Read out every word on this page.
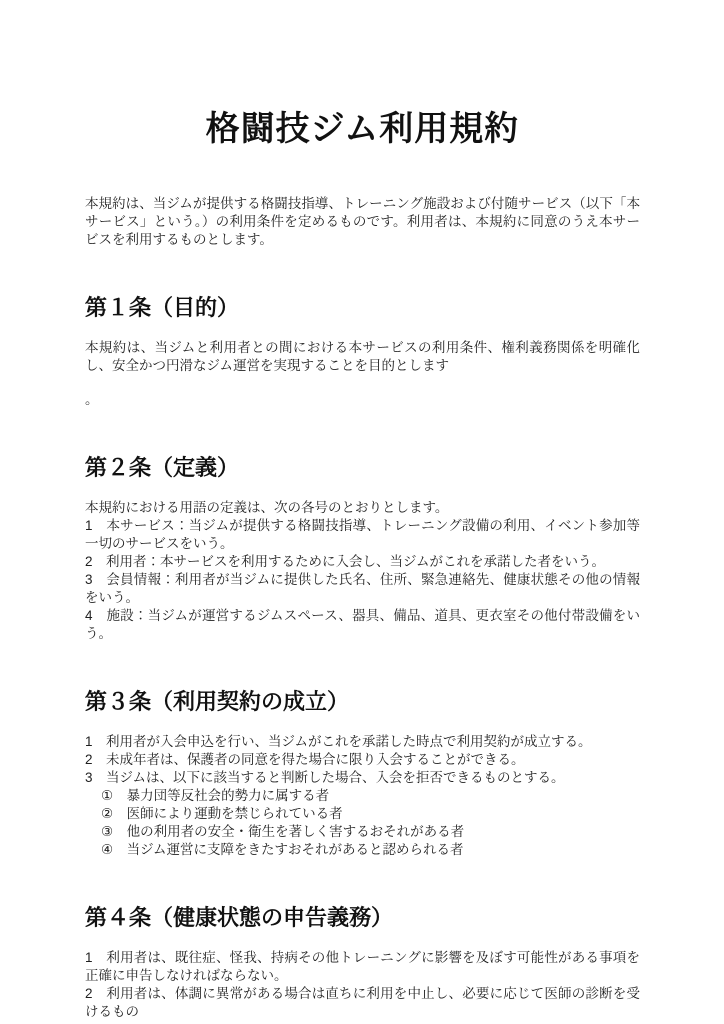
格闘技ジム利用規約

本規約は、当ジムが提供する格闘技指導、トレーニング施設および付随サービス（以下「本サービス」という。）の利用条件を定めるものです。利用者は、本規約に同意のうえ本サービスを利用するものとします。

第１条（目的）

本規約は、当ジムと利用者との間における本サービスの利用条件、権利義務関係を明確化し、安全かつ円滑なジム運営を実現することを目的とします

。

第２条（定義）

本規約における用語の定義は、次の各号のとおりとします。

1　本サービス：当ジムが提供する格闘技指導、トレーニング設備の利用、イベント参加等一切のサービスをいう。

2　利用者：本サービスを利用するために入会し、当ジムがこれを承諾した者をいう。

3　会員情報：利用者が当ジムに提供した氏名、住所、緊急連絡先、健康状態その他の情報をいう。

4　施設：当ジムが運営するジムスペース、器具、備品、道具、更衣室その他付帯設備をいう。

第３条（利用契約の成立）

1　利用者が入会申込を行い、当ジムがこれを承諾した時点で利用契約が成立する。

2　未成年者は、保護者の同意を得た場合に限り入会することができる。

3　当ジムは、以下に該当すると判断した場合、入会を拒否できるものとする。

①　暴力団等反社会的勢力に属する者

②　医師により運動を禁じられている者

③　他の利用者の安全・衛生を著しく害するおそれがある者

④　当ジム運営に支障をきたすおそれがあると認められる者

第４条（健康状態の申告義務）

1　利用者は、既往症、怪我、持病その他トレーニングに影響を及ぼす可能性がある事項を正確に申告しなければならない。

2　利用者は、体調に異常がある場合は直ちに利用を中止し、必要に応じて医師の診断を受けるもの
